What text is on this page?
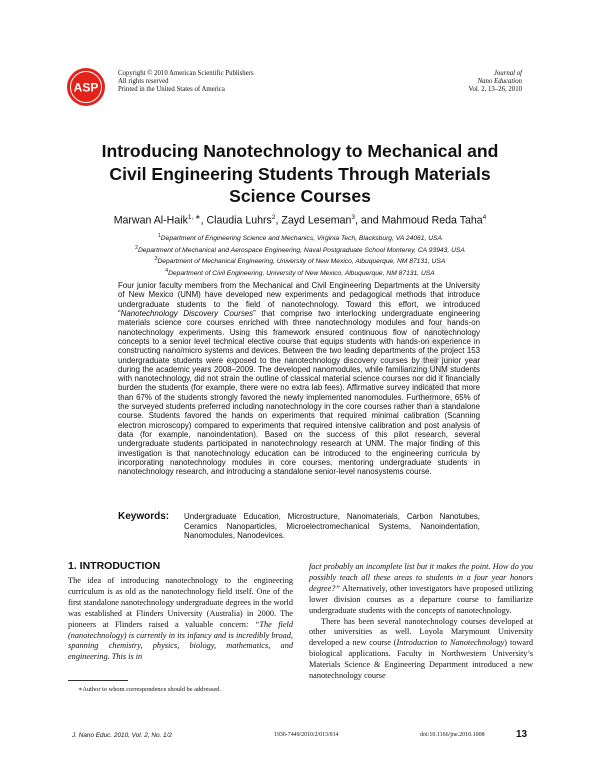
ASP
Copyright © 2010 American Scientific Publishers
All rights reserved
Printed in the United States of America
Journal of
Nano Education
Vol. 2, 13–26, 2010
Introducing Nanotechnology to Mechanical and
Civil Engineering Students Through Materials
Science Courses
Marwan Al-Haik$^{1, ∗}$, Claudia Luhrs$^2$, Zayd Leseman$^3$, and Mahmoud Reda Taha$^4$
$^1$Department of Engineering Science and Mechanics, Virginia Tech, Blacksburg, VA 24061, USA
$^2$Department of Mechanical and Aerospace Engineering, Naval Postgraduate School Monterey, CA 93943, USA
$^3$Department of Mechanical Engineering, University of New Mexico, Albuquerque, NM 87131, USA
$^4$Department of Civil Engineering, University of New Mexico, Albuquerque, NM 87131, USA

Four junior faculty members from the Mechanical and Civil Engineering Departments at the University of New Mexico (UNM) have developed new experiments and pedagogical methods that introduce undergraduate students to the field of nanotechnology. Toward this effort, we introduced “Nanotechnology Discovery Courses” that comprise two interlocking undergraduate engineering materials science core courses enriched with three nanotechnology modules and four hands-on nanotechnology experiments. Using this framework ensured continuous flow of nanotechnology concepts to a senior level technical elective course that equips students with hands-on experience in constructing nano/micro systems and devices. Between the two leading departments of the project 153 undergraduate students were exposed to the nanotechnology discovery courses by their junior year during the academic years 2008–2009. The developed nanomodules, while familiarizing UNM students with nanotechnology, did not strain the outline of classical material science courses nor did it financially burden the students (for example, there were no extra lab fees). Affirmative survey indicated that more than 67% of the students strongly favored the newly implemented nanomodules. Furthermore, 65% of the surveyed students preferred including nanotechnology in the core courses rather than a standalone course. Students favored the hands on experiments that required minimal calibration (Scanning electron microscopy) compared to experiments that required intensive calibration and post analysis of data (for example, nanoindentation). Based on the success of this pilot research, several undergraduate students participated in nanotechnology research at UNM. The major finding of this investigation is that nanotechnology education can be introduced to the engineering curricula by incorporating nanotechnology modules in core courses, mentoring undergraduate students in nanotechnology research, and introducing a standalone senior-level nanosystems course.

ASP
Keywords: Undergraduate Education, Microstructure, Nanomaterials, Carbon Nanotubes, Ceramics Nanoparticles, Microelectromechanical Systems, Nanoindentation, Nanomodules, Nanodevices.
1. INTRODUCTION

The idea of introducing nanotechnology to the engineering curriculum is as old as the nanotechnology field itself. One of the first standalone nanotechnology undergraduate degrees in the world was established at Flinders University (Australia) in 2000. The pioneers at Flinders raised a valuable concern: “The field (nanotechnology) is currently in its infancy and is incredibly broad, spanning chemistry, physics, biology, mathematics, and engineering. This is in

fact probably an incomplete list but it makes the point. How do you possibly teach all these areas to students in a four year honors degree?” Alternatively, other investigators have proposed utilizing lower division courses as a departure course to familiarize undergraduate students with the concepts of nanotechnology.

There has been several nanotechnology courses developed at other universities as well. Loyola Marymount University developed a new course (Introduction to Nanotechnology) toward biological applications. Faculty in Northwestern University’s Materials Science & Engineering Department introduced a new nanotechnology course

∗Author to whom correspondence should be addressed.
J. Nano Educ. 2010, Vol. 2, No. 1/2	1936-7449/2010/2/013/014	doi:10.1166/jne.2010.1008	13
